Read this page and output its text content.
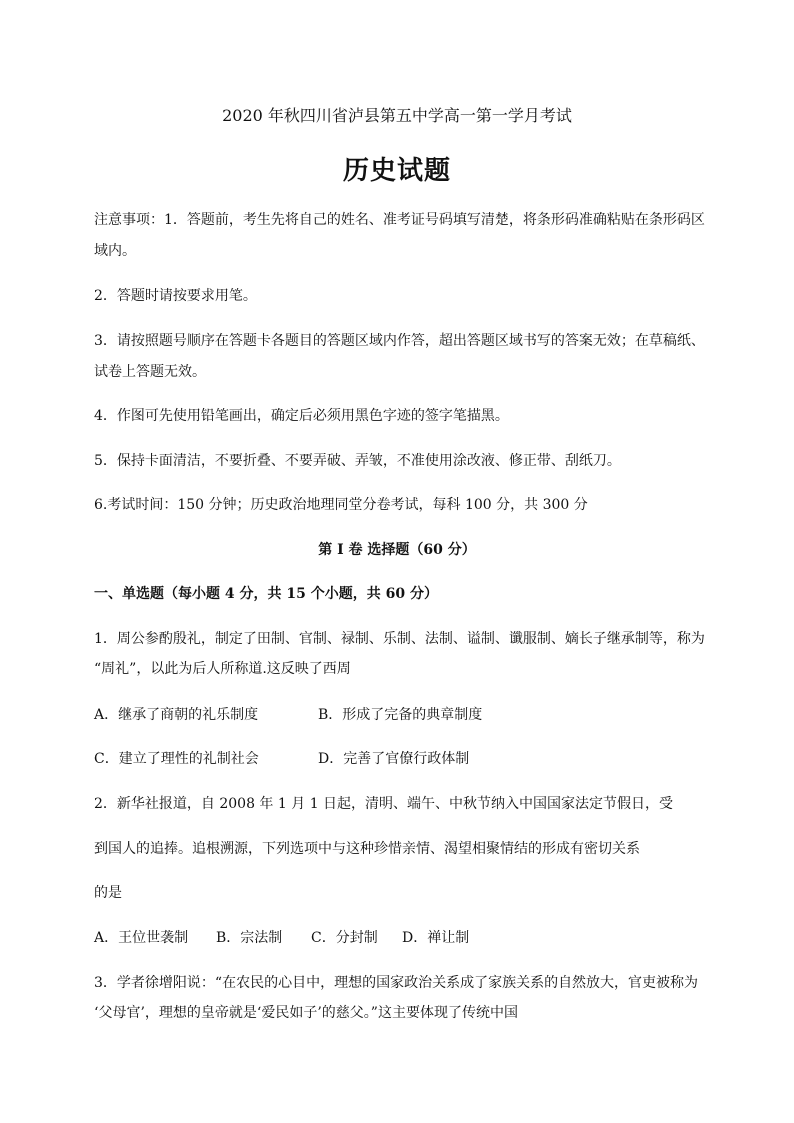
2020 年秋四川省泸县第五中学高一第一学月考试
历史试题
注意事项：1．答题前，考生先将自己的姓名、准考证号码填写清楚，将条形码准确粘贴在条形码区
域内。
2．答题时请按要求用笔。
3．请按照题号顺序在答题卡各题目的答题区域内作答，超出答题区域书写的答案无效；在草稿纸、
试卷上答题无效。
4．作图可先使用铅笔画出，确定后必须用黑色字迹的签字笔描黑。
5．保持卡面清洁，不要折叠、不要弄破、弄皱，不准使用涂改液、修正带、刮纸刀。
6.考试时间：150 分钟；历史政治地理同堂分卷考试，每科 100 分，共 300 分
第 I 卷 选择题（60 分）
一、单选题（每小题 4 分，共 15 个小题，共 60 分）
1．周公参酌殷礼，制定了田制、官制、禄制、乐制、法制、谥制、谶服制、嫡长子继承制等，称为
“周礼”，以此为后人所称道.这反映了西周
A．继承了商朝的礼乐制度	B．形成了完备的典章制度
C．建立了理性的礼制社会	D．完善了官僚行政体制
2．新华社报道，自 2008 年 1 月 1 日起，清明、端午、中秋节纳入中国国家法定节假日，受
到国人的追捧。追根溯源，下列选项中与这种珍惜亲情、渴望相聚情结的形成有密切关系
的是
A．王位世袭制 B．宗法制 C．分封制 D．禅让制
3．学者徐增阳说：“在农民的心目中，理想的国家政治关系成了家族关系的自然放大，官吏被称为
‘父母官’，理想的皇帝就是‘爱民如子’的慈父。”这主要体现了传统中国
